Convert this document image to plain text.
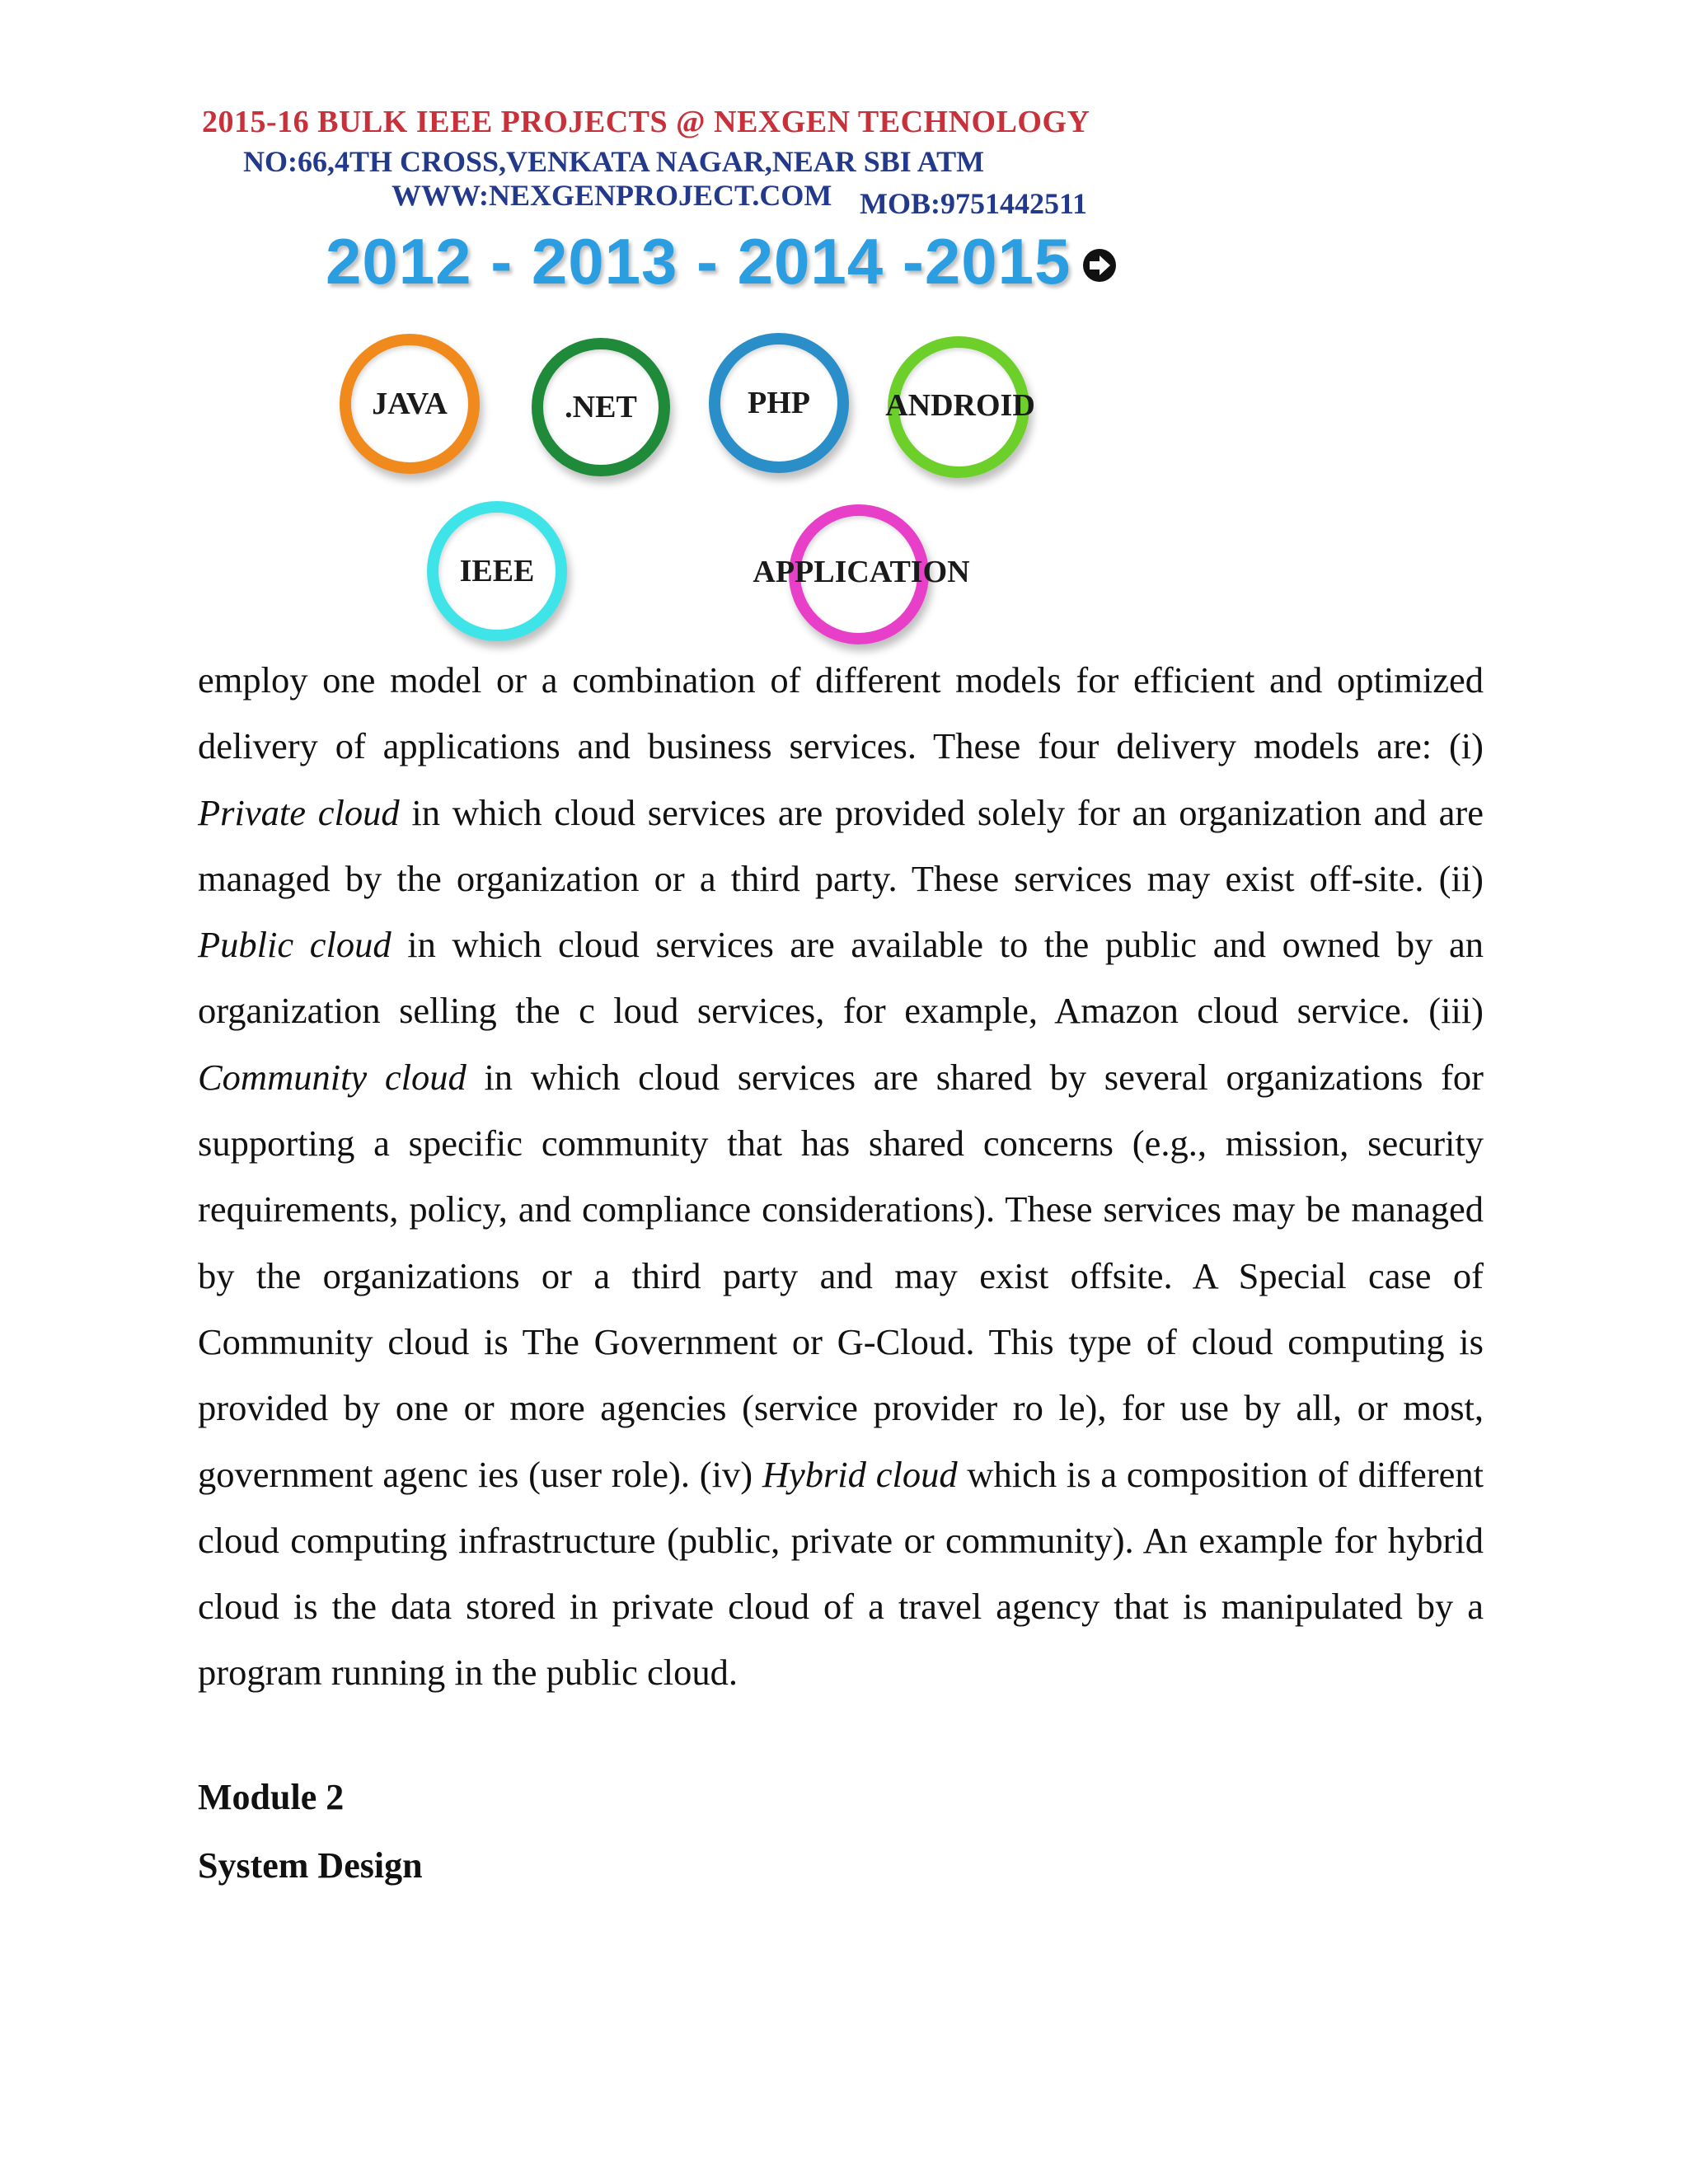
2015-16 BULK IEEE PROJECTS @ NEXGEN TECHNOLOGY
NO:66,4TH CROSS,VENKATA NAGAR,NEAR SBI ATM
WWW:NEXGENPROJECT.COM MOB:9751442511
2012 - 2013 - 2014 -2015
JAVA	.NET	PHP ANDROID
IEEE	APPLICATION

employ one model or a combination of different models for efficient and optimized delivery of applications and business services. These four delivery models are: (i) Private cloud in which cloud services are provided solely for an organization and are managed by the organization or a third party. These services may exist off-site. (ii) Public cloud in which cloud services are available to the public and owned by an organization selling the c loud services, for example, Amazon cloud service. (iii) Community cloud in which cloud services are shared by several organizations for supporting a specific community that has shared concerns (e.g., mission, security requirements, policy, and compliance considerations). These services may be managed by the organizations or a third party and may exist offsite. A Special case of Community cloud is The Government or G-Cloud. This type of cloud computing is provided by one or more agencies (service provider ro le), for use by all, or most, government agenc ies (user role). (iv) Hybrid cloud which is a composition of different cloud computing infrastructure (public, private or community). An example for hybrid cloud is the data stored in private cloud of a travel agency that is manipulated by a program running in the public cloud.

Module 2
System Design
